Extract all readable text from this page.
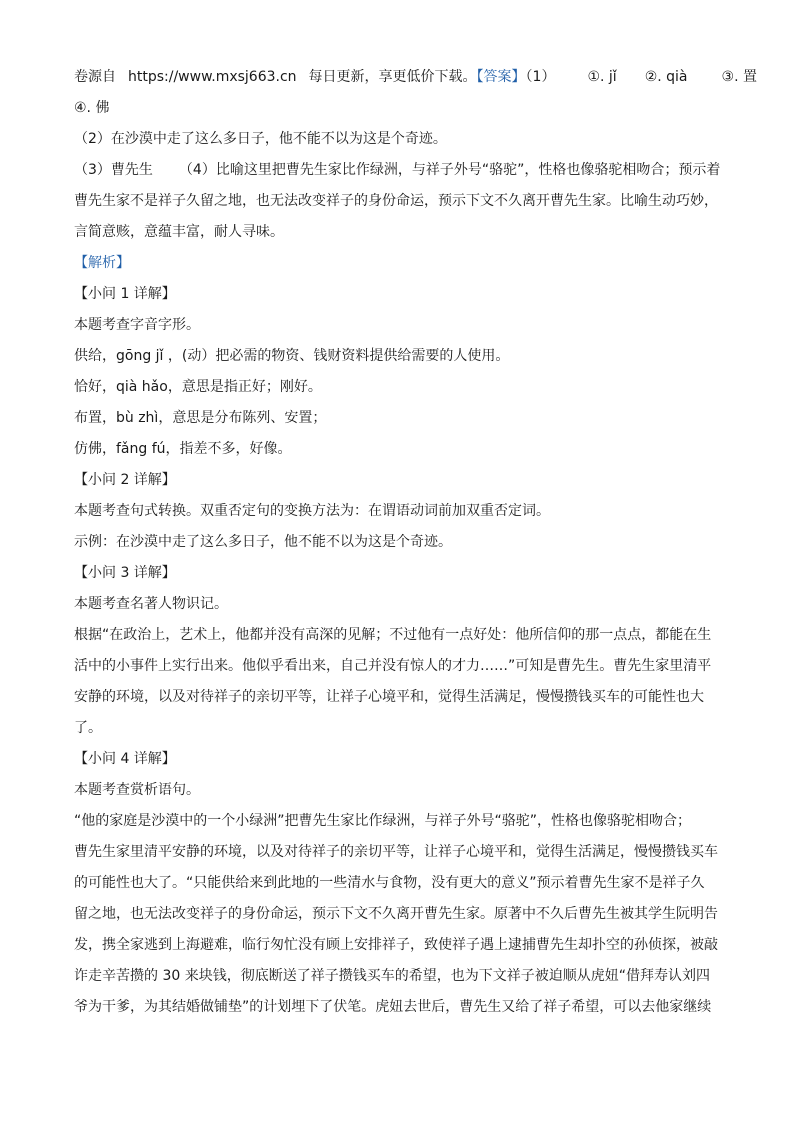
卷源自 https://www.mxsj663.cn 每日更新，享更低价下载。【答案】（1） ①. jǐ ②. qià ③. 置
④. 佛
（2）在沙漠中走了这么多日子，他不能不以为这是个奇迹。
（3）曹先生 （4）比喻这里把曹先生家比作绿洲，与祥子外号“骆驼”，性格也像骆驼相吻合；预示着
曹先生家不是祥子久留之地，也无法改变祥子的身份命运，预示下文不久离开曹先生家。比喻生动巧妙，
言简意赅，意蕴丰富，耐人寻味。
【解析】
【小问 1 详解】
本题考查字音字形。
供给，gōng jǐ ，(动）把必需的物资、钱财资料提供给需要的人使用。
恰好，qià hǎo，意思是指正好；刚好。
布置，bù zhì，意思是分布陈列、安置；
仿佛，fǎng fú，指差不多，好像。
【小问 2 详解】
本题考查句式转换。双重否定句的变换方法为：在谓语动词前加双重否定词。
示例：在沙漠中走了这么多日子，他不能不以为这是个奇迹。
【小问 3 详解】
本题考查名著人物识记。
根据“在政治上，艺术上，他都并没有高深的见解；不过他有一点好处：他所信仰的那一点点，都能在生
活中的小事件上实行出来。他似乎看出来，自己并没有惊人的才力……”可知是曹先生。曹先生家里清平
安静的环境，以及对待祥子的亲切平等，让祥子心境平和，觉得生活满足，慢慢攒钱买车的可能性也大
了。
【小问 4 详解】
本题考查赏析语句。
“他的家庭是沙漠中的一个小绿洲”把曹先生家比作绿洲，与祥子外号“骆驼”，性格也像骆驼相吻合；
曹先生家里清平安静的环境，以及对待祥子的亲切平等，让祥子心境平和，觉得生活满足，慢慢攒钱买车
的可能性也大了。“只能供给来到此地的一些清水与食物，没有更大的意义”预示着曹先生家不是祥子久
留之地，也无法改变祥子的身份命运，预示下文不久离开曹先生家。原著中不久后曹先生被其学生阮明告
发，携全家逃到上海避难，临行匆忙没有顾上安排祥子，致使祥子遇上逮捕曹先生却扑空的孙侦探，被敲
诈走辛苦攒的 30 来块钱，彻底断送了祥子攒钱买车的希望，也为下文祥子被迫顺从虎妞“借拜寿认刘四
爷为干爹，为其结婚做铺垫”的计划埋下了伏笔。虎妞去世后，曹先生又给了祥子希望，可以去他家继续
